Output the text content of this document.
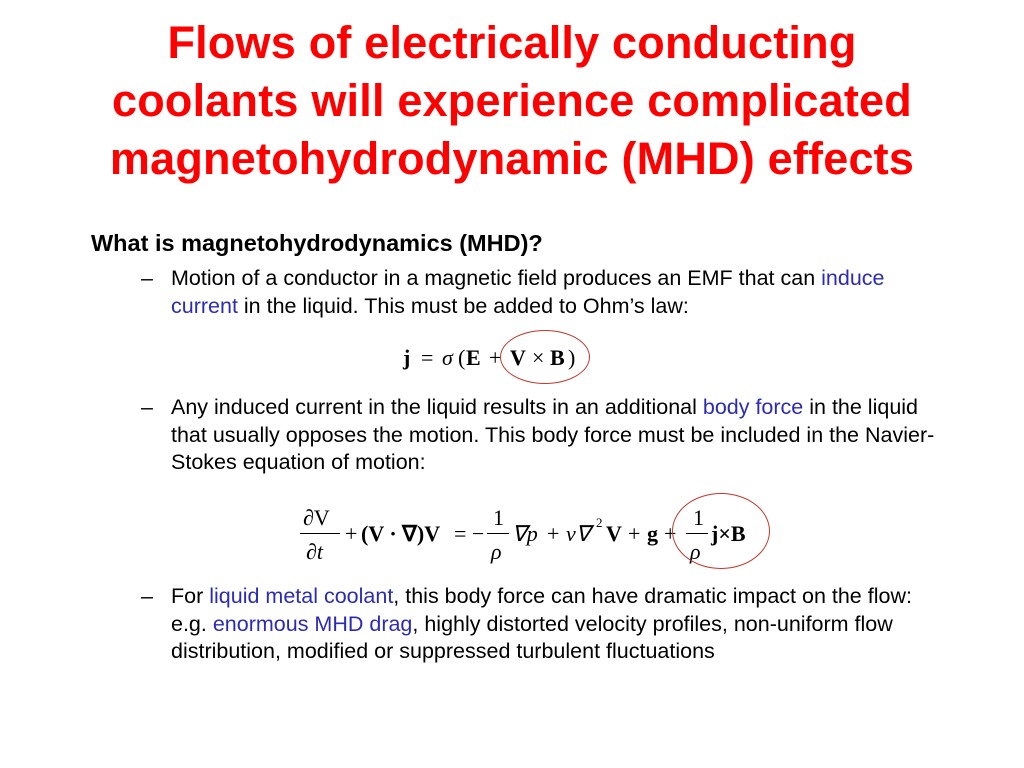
Flows of electrically conducting
coolants will experience complicated
magnetohydrodynamic (MHD) effects
What is magnetohydrodynamics (MHD)?
– Motion of a conductor in a magnetic field produces an EMF that can induce current in the liquid. This must be added to Ohm’s law:
j = σ ( E + V × B )
– Any induced current in the liquid results in an additional body force in the liquid that usually opposes the motion. This body force must be included in the Navier-Stokes equation of motion:
∂V
∂t
+ (V · ∇)V = −
1
ρ
∇p + ν∇ 2 V + g +
1
ρ
j×B
– For liquid metal coolant, this body force can have dramatic impact on the flow: e.g. enormous MHD drag, highly distorted velocity profiles, non-uniform flow distribution, modified or suppressed turbulent fluctuations
